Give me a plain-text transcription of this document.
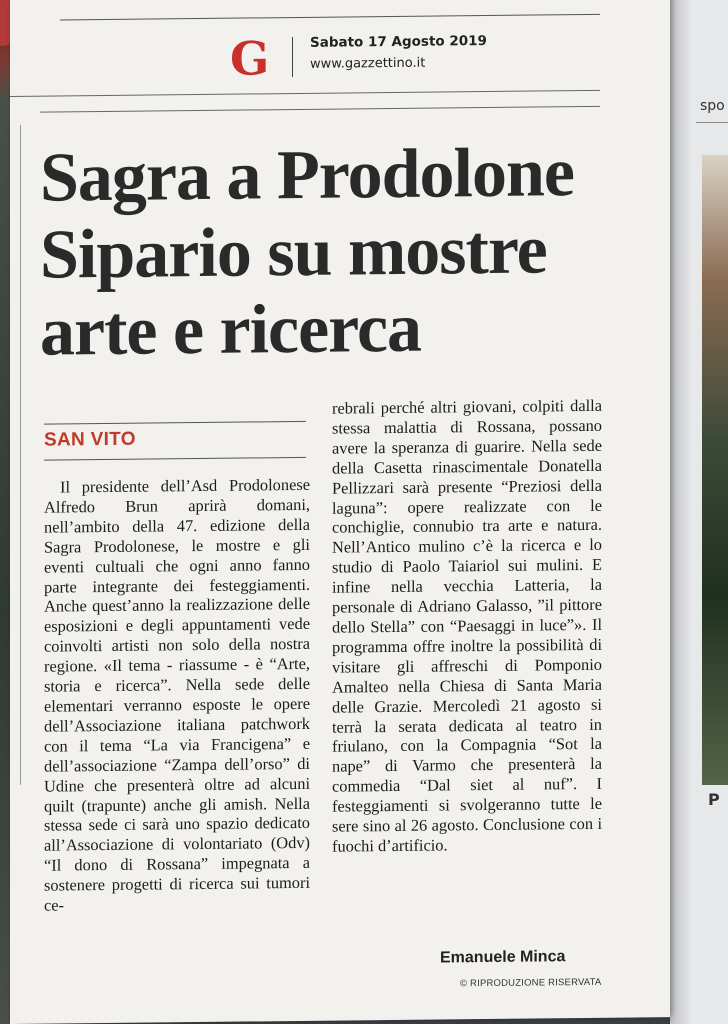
spo
P
G	Sabato 17 Agosto 2019
www.gazzettino.it
Sagra a Prodolone
Sipario su mostre
arte e ricerca
SAN VITO

Il presidente dell’Asd Prodolonese Alfredo Brun aprirà domani, nell’ambito della 47. edizione della Sagra Prodolonese, le mostre e gli eventi cultuali che ogni anno fanno parte integrante dei festeggiamenti. Anche quest’anno la realizzazione delle esposizioni e degli appuntamenti vede coinvolti artisti non solo della nostra regione. «Il tema - riassume - è “Arte, storia e ricerca”. Nella sede delle elementari verranno esposte le opere dell’Associazione italiana patchwork con il tema “La via Francigena” e dell’associazione “Zampa dell’orso” di Udine che presenterà oltre ad alcuni quilt (trapunte) anche gli amish. Nella stessa sede ci sarà uno spazio dedicato all’Associazione di volontariato (Odv) “Il dono di Rossana” impegnata a sostenere progetti di ricerca sui tumori ce-

rebrali perché altri giovani, colpiti dalla stessa malattia di Rossana, possano avere la speranza di guarire. Nella sede della Casetta rinascimentale Donatella Pellizzari sarà presente “Preziosi della laguna”: opere realizzate con le conchiglie, connubio tra arte e natura. Nell’Antico mulino c’è la ricerca e lo studio di Paolo Taiariol sui mulini. E infine nella vecchia Latteria, la personale di Adriano Galasso, ”il pittore dello Stella” con “Paesaggi in luce”». Il programma offre inoltre la possibilità di visitare gli affreschi di Pomponio Amalteo nella Chiesa di Santa Maria delle Grazie. Mercoledì 21 agosto si terrà la serata dedicata al teatro in friulano, con la Compagnia “Sot la nape” di Varmo che presenterà la commedia “Dal siet al nuf”. I festeggiamenti si svolgeranno tutte le sere sino al 26 agosto. Conclusione con i fuochi d’artificio.

Emanuele Minca
© RIPRODUZIONE RISERVATA
